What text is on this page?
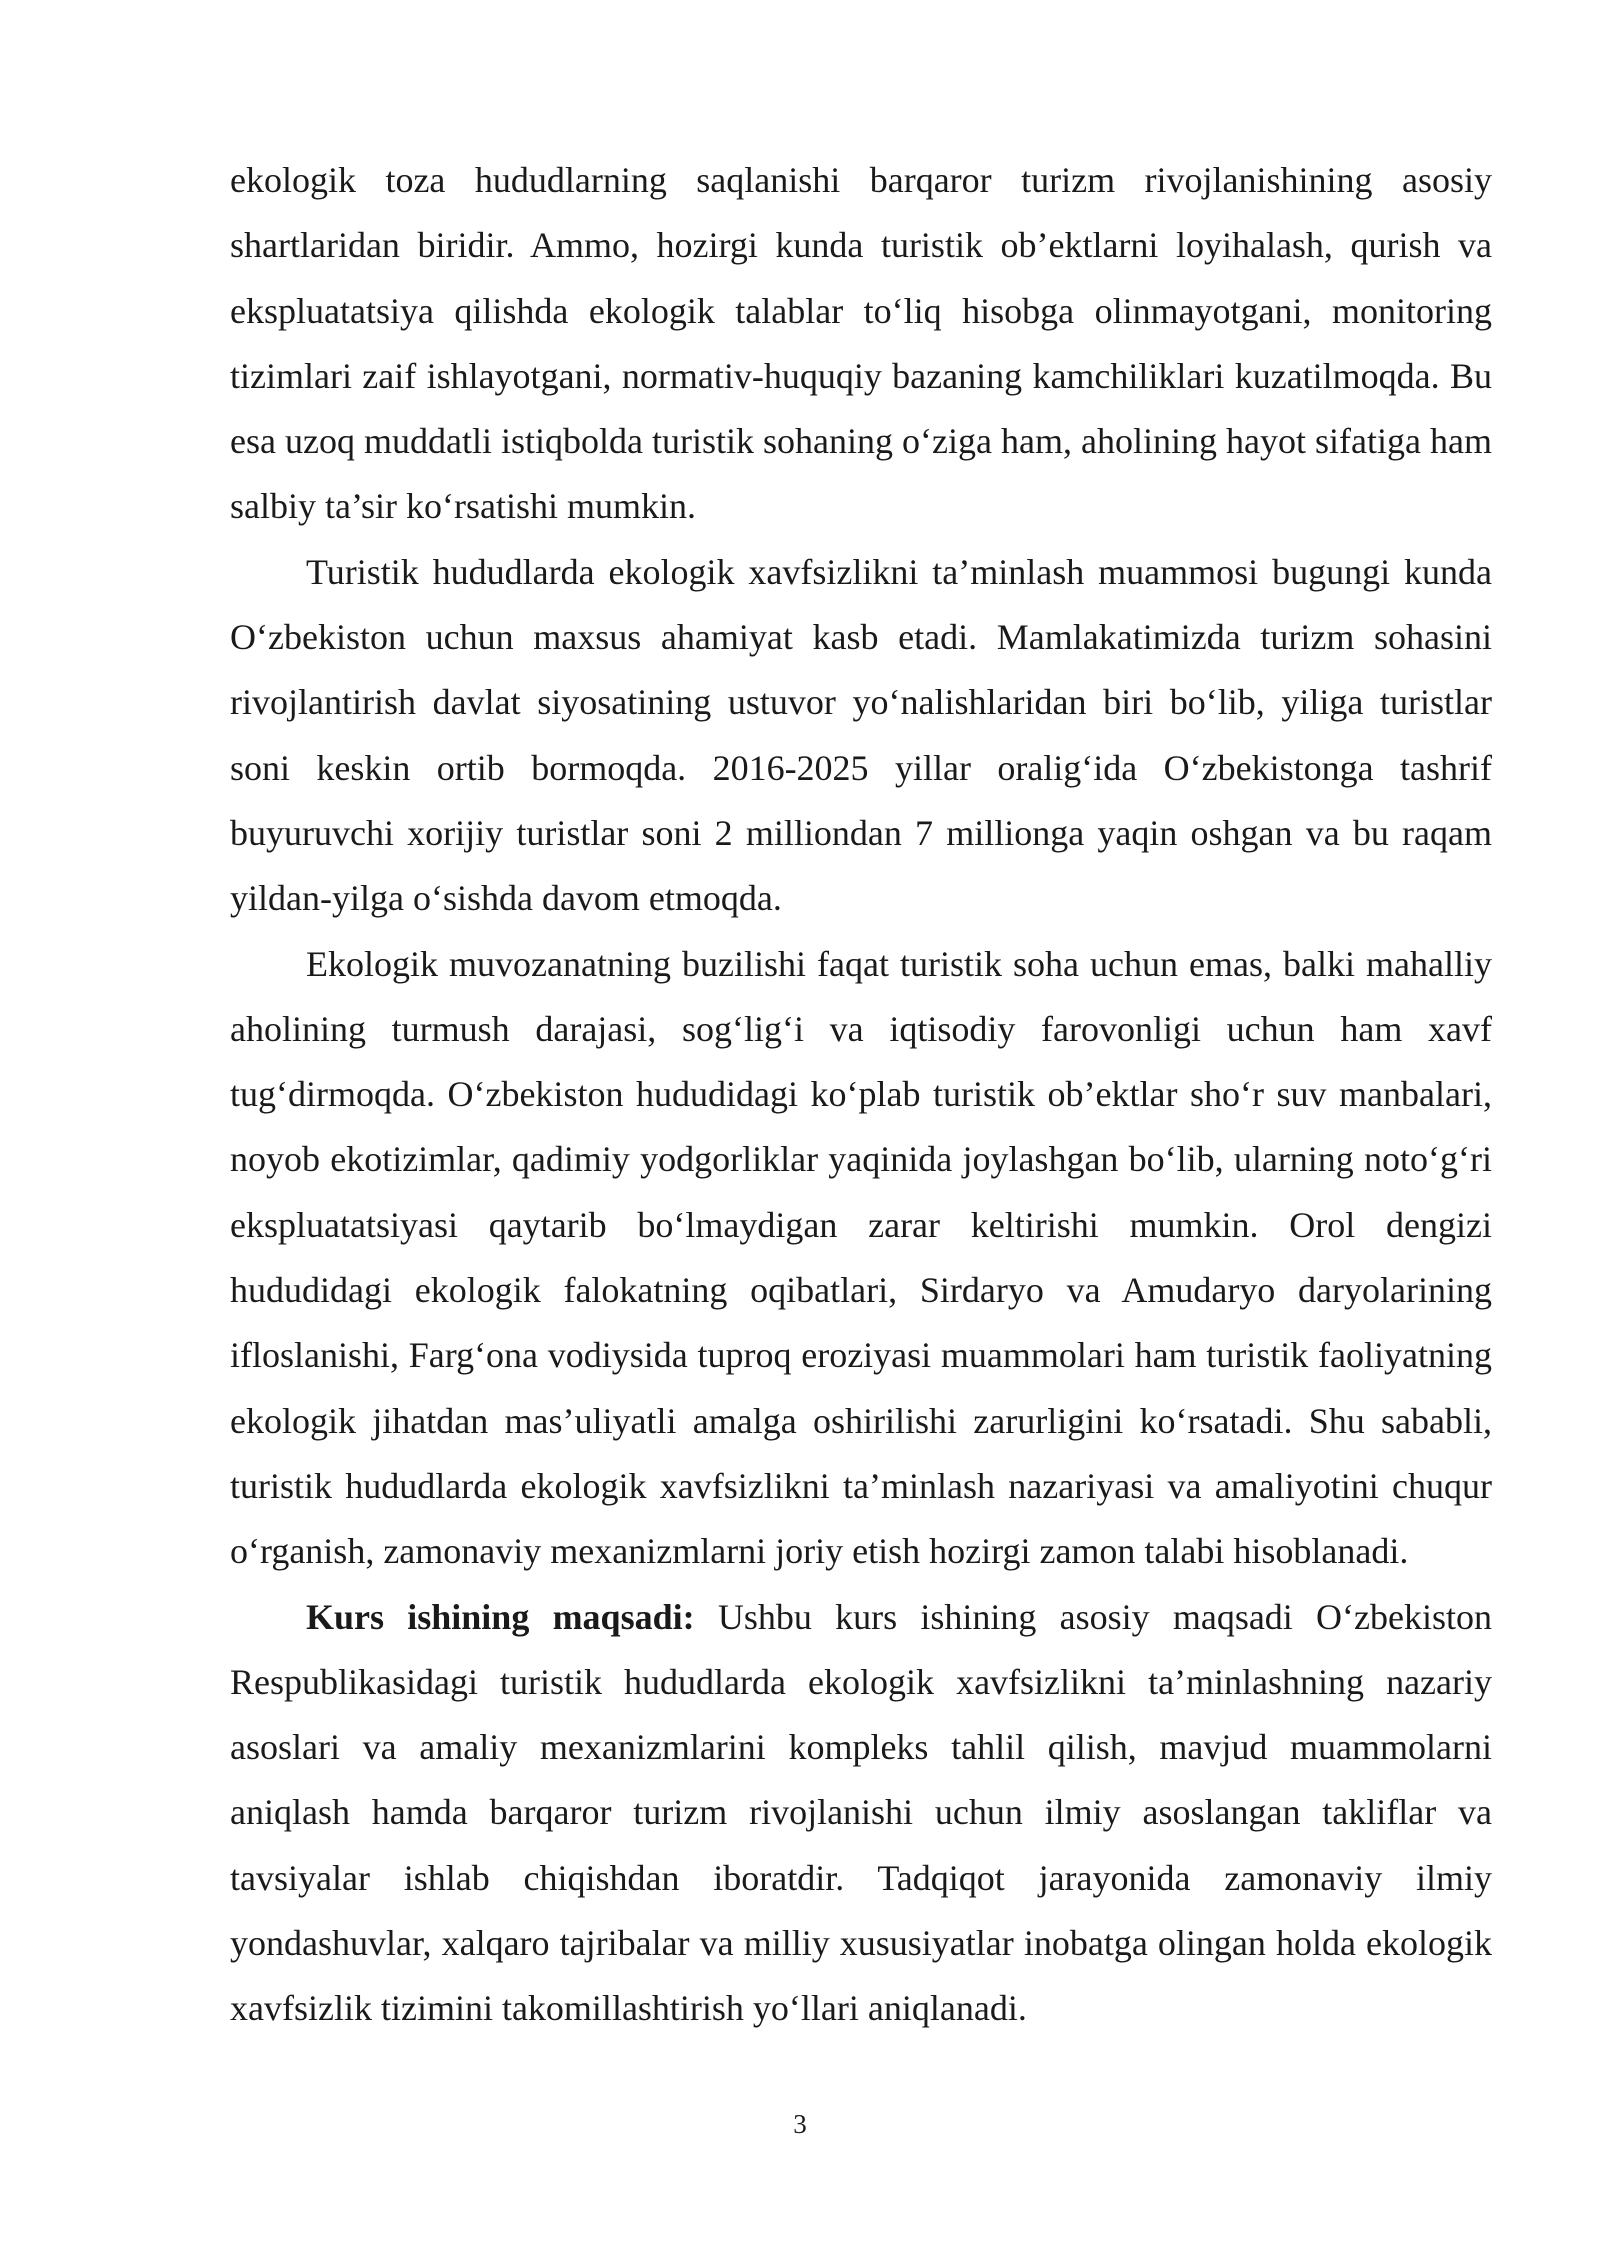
ekologik toza hududlarning saqlanishi barqaror turizm rivojlanishining asosiy shartlaridan biridir. Ammo, hozirgi kunda turistik ob’ektlarni loyihalash, qurish va ekspluatatsiya qilishda ekologik talablar to‘liq hisobga olinmayotgani, monitoring tizimlari zaif ishlayotgani, normativ-huquqiy bazaning kamchiliklari kuzatilmoqda. Bu esa uzoq muddatli istiqbolda turistik sohaning o‘ziga ham, aholining hayot sifatiga ham salbiy ta’sir ko‘rsatishi mumkin.

Turistik hududlarda ekologik xavfsizlikni ta’minlash muammosi bugungi kunda O‘zbekiston uchun maxsus ahamiyat kasb etadi. Mamlakatimizda turizm sohasini rivojlantirish davlat siyosatining ustuvor yo‘nalishlaridan biri bo‘lib, yiliga turistlar soni keskin ortib bormoqda. 2016-2025 yillar oralig‘ida O‘zbekistonga tashrif buyuruvchi xorijiy turistlar soni 2 milliondan 7 millionga yaqin oshgan va bu raqam yildan-yilga o‘sishda davom etmoqda.

Ekologik muvozanatning buzilishi faqat turistik soha uchun emas, balki mahalliy aholining turmush darajasi, sog‘lig‘i va iqtisodiy farovonligi uchun ham xavf tug‘dirmoqda. O‘zbekiston hududidagi ko‘plab turistik ob’ektlar sho‘r suv manbalari, noyob ekotizimlar, qadimiy yodgorliklar yaqinida joylashgan bo‘lib, ularning noto‘g‘ri ekspluatatsiyasi qaytarib bo‘lmaydigan zarar keltirishi mumkin. Orol dengizi hududidagi ekologik falokatning oqibatlari, Sirdaryo va Amudaryo daryolarining ifloslanishi, Farg‘ona vodiysida tuproq eroziyasi muammolari ham turistik faoliyatning ekologik jihatdan mas’uliyatli amalga oshirilishi zarurligini ko‘rsatadi. Shu sababli, turistik hududlarda ekologik xavfsizlikni ta’minlash nazariyasi va amaliyotini chuqur o‘rganish, zamonaviy mexanizmlarni joriy etish hozirgi zamon talabi hisoblanadi.

Kurs ishining maqsadi: Ushbu kurs ishining asosiy maqsadi O‘zbekiston Respublikasidagi turistik hududlarda ekologik xavfsizlikni ta’minlashning nazariy asoslari va amaliy mexanizmlarini kompleks tahlil qilish, mavjud muammolarni aniqlash hamda barqaror turizm rivojlanishi uchun ilmiy asoslangan takliflar va tavsiyalar ishlab chiqishdan iboratdir. Tadqiqot jarayonida zamonaviy ilmiy yondashuvlar, xalqaro tajribalar va milliy xususiyatlar inobatga olingan holda ekologik xavfsizlik tizimini takomillashtirish yo‘llari aniqlanadi.

3
